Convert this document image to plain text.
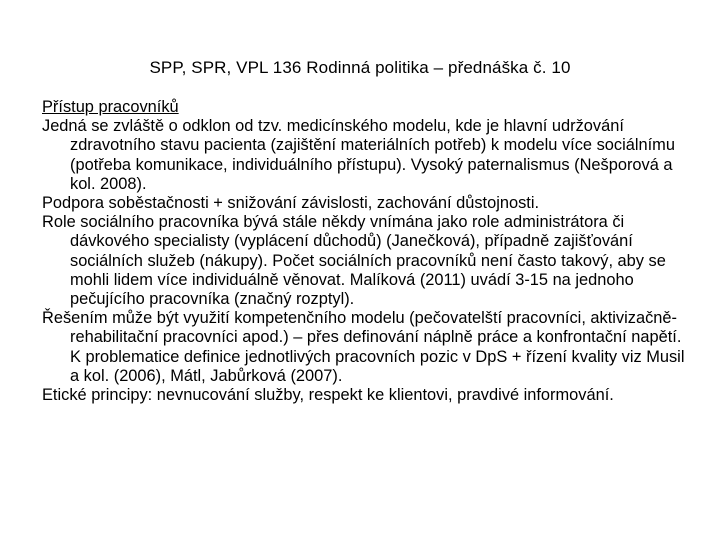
SPP, SPR, VPL 136 Rodinná politika – přednáška č. 10

Přístup pracovníků

Jedná se zvláště o odklon od tzv. medicínského modelu, kde je hlavní udržování zdravotního stavu pacienta (zajištění materiálních potřeb) k modelu více sociálnímu (potřeba komunikace, individuálního přístupu). Vysoký paternalismus (Nešporová a kol. 2008).

Podpora soběstačnosti + snižování závislosti, zachování důstojnosti.

Role sociálního pracovníka bývá stále někdy vnímána jako role administrátora či dávkového specialisty (vyplácení důchodů) (Janečková), případně zajišťování sociálních služeb (nákupy). Počet sociálních pracovníků není často takový, aby se mohli lidem více individuálně věnovat. Malíková (2011) uvádí 3-15 na jednoho pečujícího pracovníka (značný rozptyl).

Řešením může být využití kompetenčního modelu (pečovatelští pracovníci, aktivizačně-rehabilitační pracovníci apod.) – přes definování náplně práce a konfrontační napětí. K problematice definice jednotlivých pracovních pozic v DpS + řízení kvality viz Musil a kol. (2006), Mátl, Jabůrková (2007).

Etické principy: nevnucování služby, respekt ke klientovi, pravdivé informování.
